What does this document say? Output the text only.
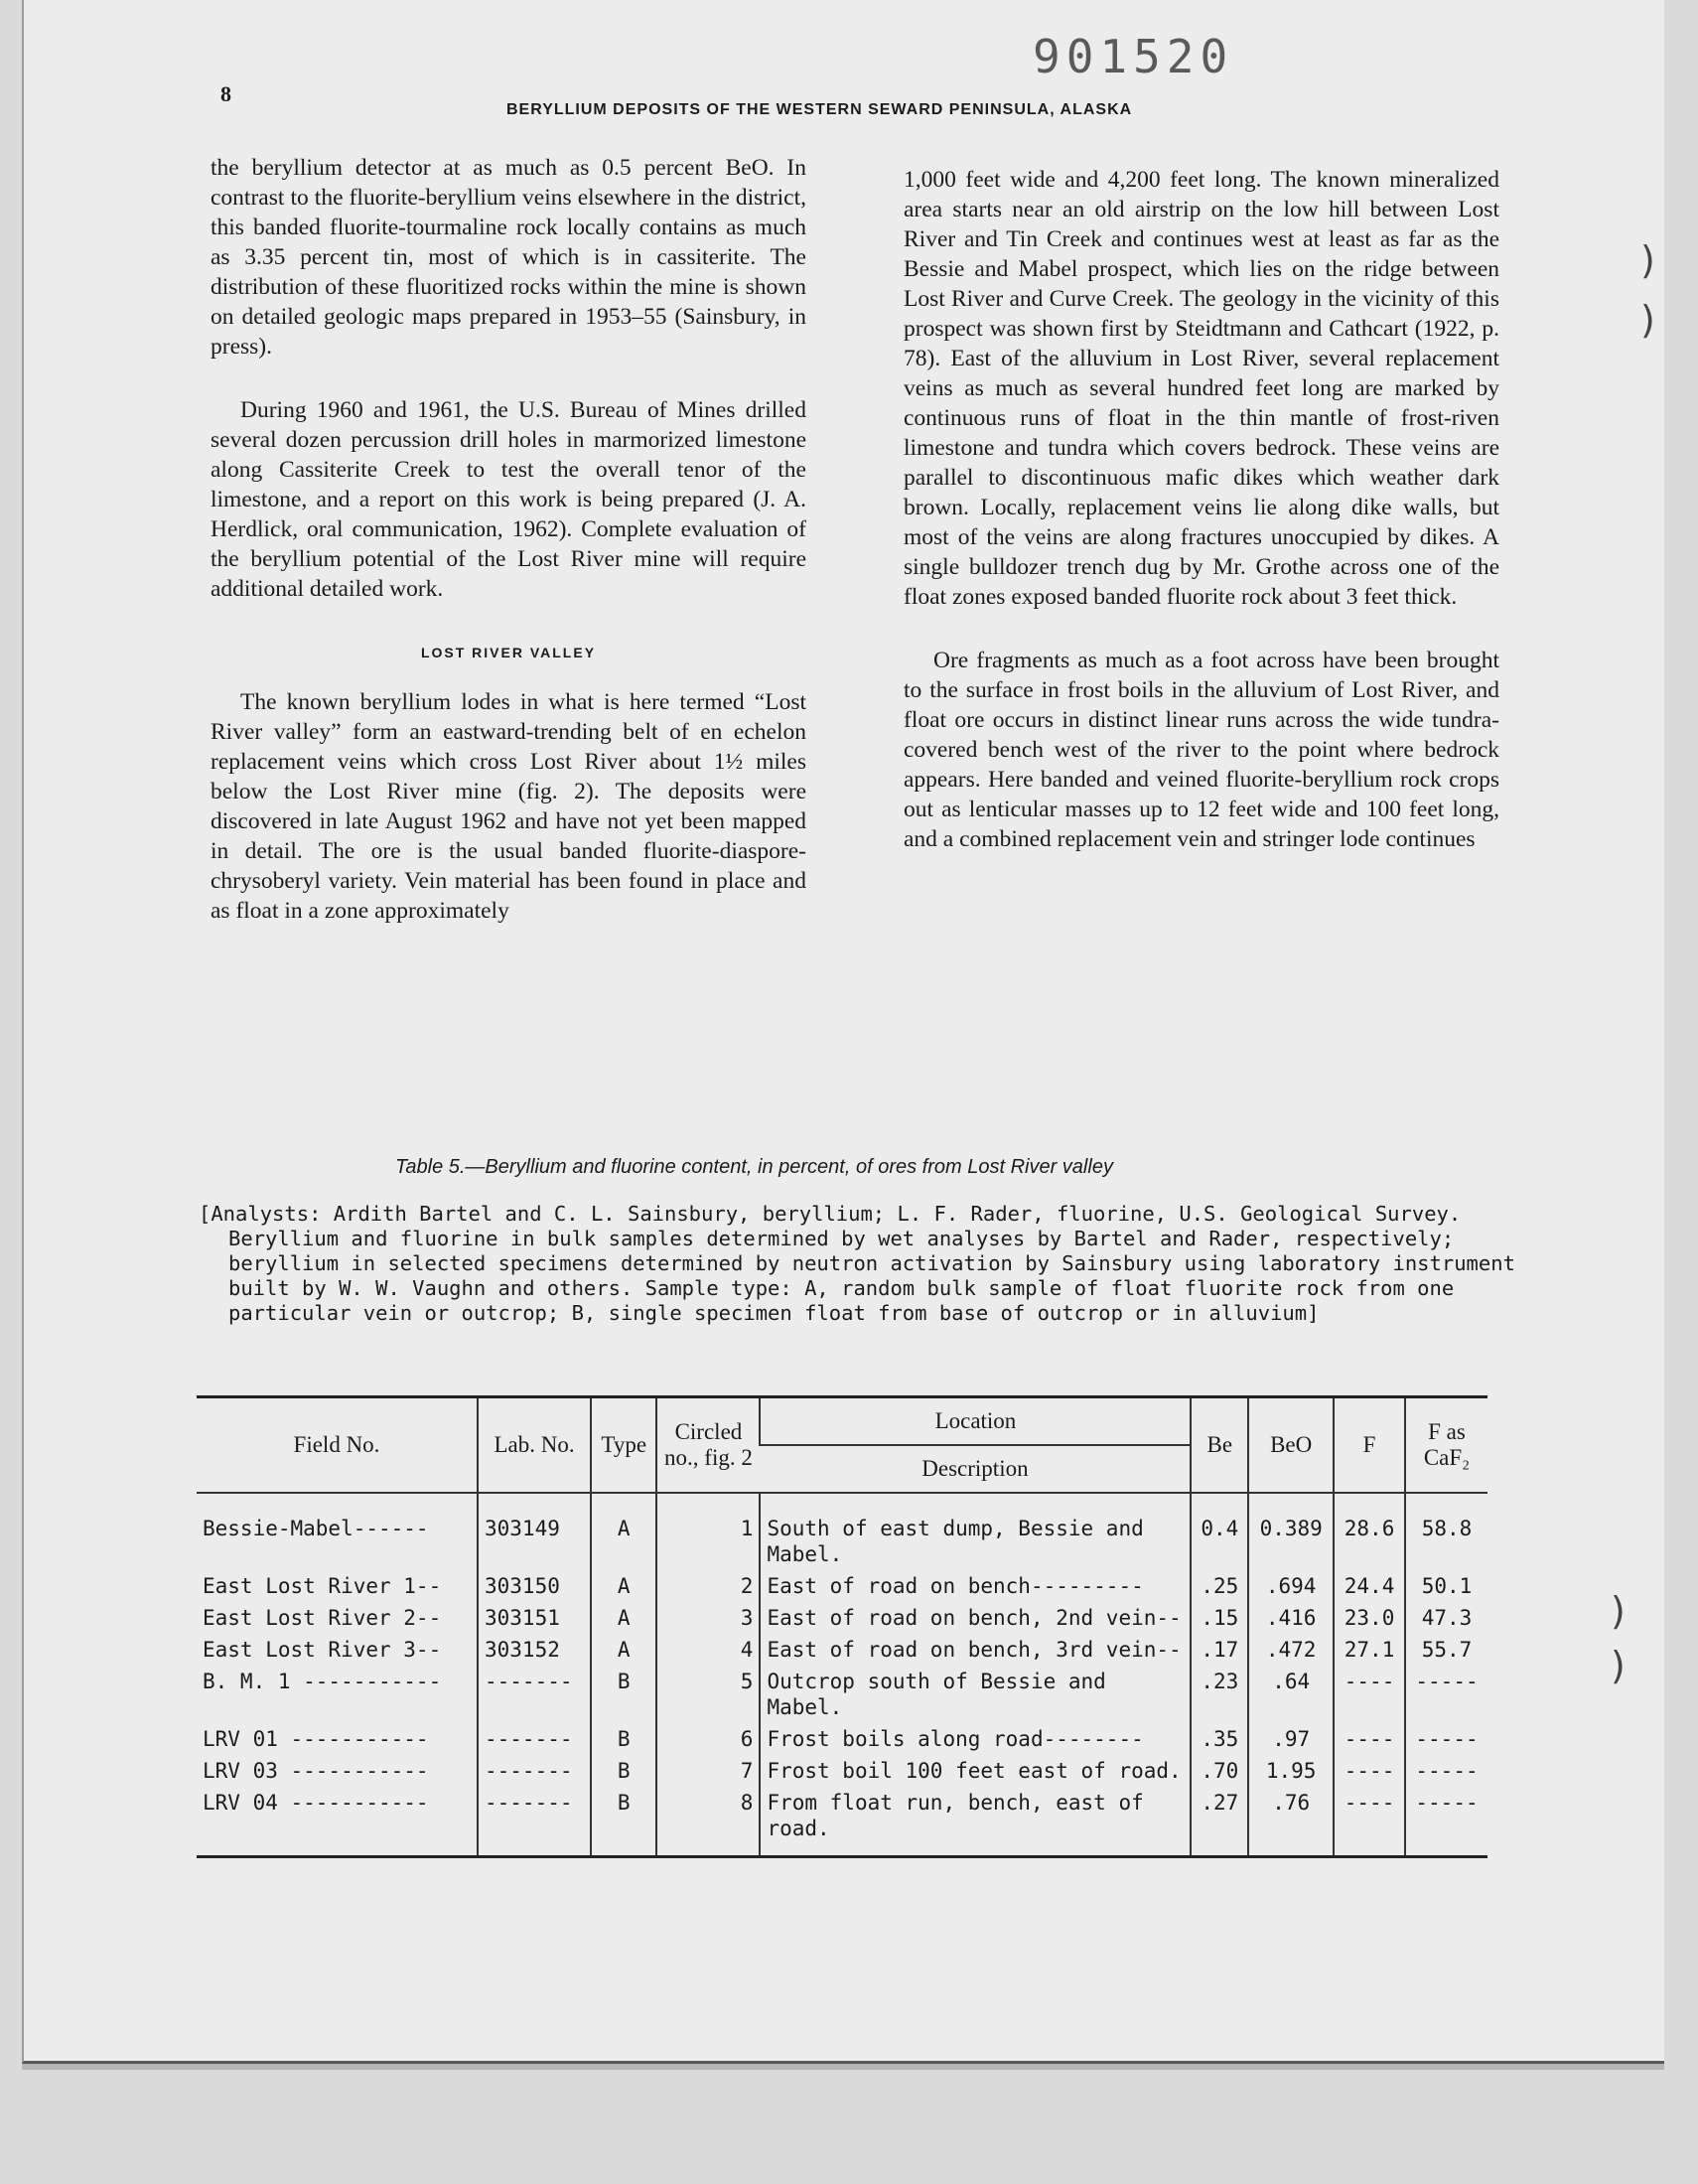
901520
8
BERYLLIUM DEPOSITS OF THE WESTERN SEWARD PENINSULA, ALASKA

the beryllium detector at as much as 0.5 percent BeO. In contrast to the fluorite-beryllium veins elsewhere in the district, this banded fluorite-tourmaline rock locally contains as much as 3.35 percent tin, most of which is in cassiterite. The distribution of these fluoritized rocks within the mine is shown on detailed geologic maps prepared in 1953–55 (Sainsbury, in press).

During 1960 and 1961, the U.S. Bureau of Mines drilled several dozen percussion drill holes in marmorized limestone along Cassiterite Creek to test the overall tenor of the limestone, and a report on this work is being prepared (J. A. Herdlick, oral communication, 1962). Complete evaluation of the beryllium potential of the Lost River mine will require additional detailed work.

LOST RIVER VALLEY

The known beryllium lodes in what is here termed “Lost River valley” form an eastward-trending belt of en echelon replacement veins which cross Lost River about 1½ miles below the Lost River mine (fig. 2). The deposits were discovered in late August 1962 and have not yet been mapped in detail. The ore is the usual banded fluorite-diaspore-chrysoberyl variety. Vein material has been found in place and as float in a zone approximately

1,000 feet wide and 4,200 feet long. The known mineralized area starts near an old airstrip on the low hill between Lost River and Tin Creek and continues west at least as far as the Bessie and Mabel prospect, which lies on the ridge between Lost River and Curve Creek. The geology in the vicinity of this prospect was shown first by Steidtmann and Cathcart (1922, p. 78). East of the alluvium in Lost River, several replacement veins as much as several hundred feet long are marked by continuous runs of float in the thin mantle of frost-riven limestone and tundra which covers bedrock. These veins are parallel to discontinuous mafic dikes which weather dark brown. Locally, replacement veins lie along dike walls, but most of the veins are along fractures unoccupied by dikes. A single bulldozer trench dug by Mr. Grothe across one of the float zones exposed banded fluorite rock about 3 feet thick.

Ore fragments as much as a foot across have been brought to the surface in frost boils in the alluvium of Lost River, and float ore occurs in distinct linear runs across the wide tundra-covered bench west of the river to the point where bedrock appears. Here banded and veined fluorite-beryllium rock crops out as lenticular masses up to 12 feet wide and 100 feet long, and a combined replacement vein and stringer lode continues

)
)
)
)
Table 5.—Beryllium and fluorine content, in percent, of ores from Lost River valley
[Analysts: Ardith Bartel and C. L. Sainsbury, beryllium; L. F. Rader, fluorine, U.S. Geological Survey. Beryllium and fluorine in bulk samples determined by wet analyses by Bartel and Rader, respectively; beryllium in selected specimens determined by neutron activation by Sainsbury using laboratory instrument built by W. W. Vaughn and others. Sample type: A, random bulk sample of float fluorite rock from one particular vein or outcrop; B, single specimen float from base of outcrop or in alluvium]
Field No.	Lab. No.	Type	Circled no., fig. 2	Location	Be	BeO	F	F as CaF₂
				Description				
Bessie-Mabel------	303149	A	1	South of east dump, Bessie and Mabel.	0.4	0.389	28.6	58.8
East Lost River 1--	303150	A	2	East of road on bench---------	.25	.694	24.4	50.1
East Lost River 2--	303151	A	3	East of road on bench, 2nd vein--	.15	.416	23.0	47.3
East Lost River 3--	303152	A	4	East of road on bench, 3rd vein--	.17	.472	27.1	55.7
B. M. 1 -----------	-------	B	5	Outcrop south of Bessie and Mabel.	.23	.64	----	-----
LRV 01 -----------	-------	B	6	Frost boils along road--------	.35	.97	----	-----
LRV 03 -----------	-------	B	7	Frost boil 100 feet east of road.	.70	1.95	----	-----
LRV 04 -----------	-------	B	8	From float run, bench, east of road.	.27	.76	----	-----
